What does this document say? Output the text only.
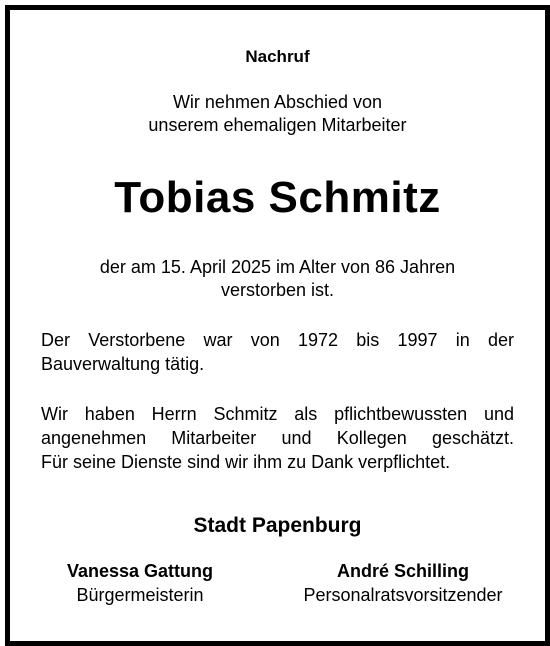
Nachruf
Wir nehmen Abschied von
unserem ehemaligen Mitarbeiter
Tobias Schmitz
der am 15. April 2025 im Alter von 86 Jahren
verstorben ist.
Der Verstorbene war von 1972 bis 1997 in der
Bauverwaltung tätig.
Wir haben Herrn Schmitz als pflichtbewussten und
angenehmen Mitarbeiter und Kollegen geschätzt.
Für seine Dienste sind wir ihm zu Dank verpflichtet.
Stadt Papenburg
Vanessa Gattung
Bürgermeisterin
André Schilling
Personalratsvorsitzender
